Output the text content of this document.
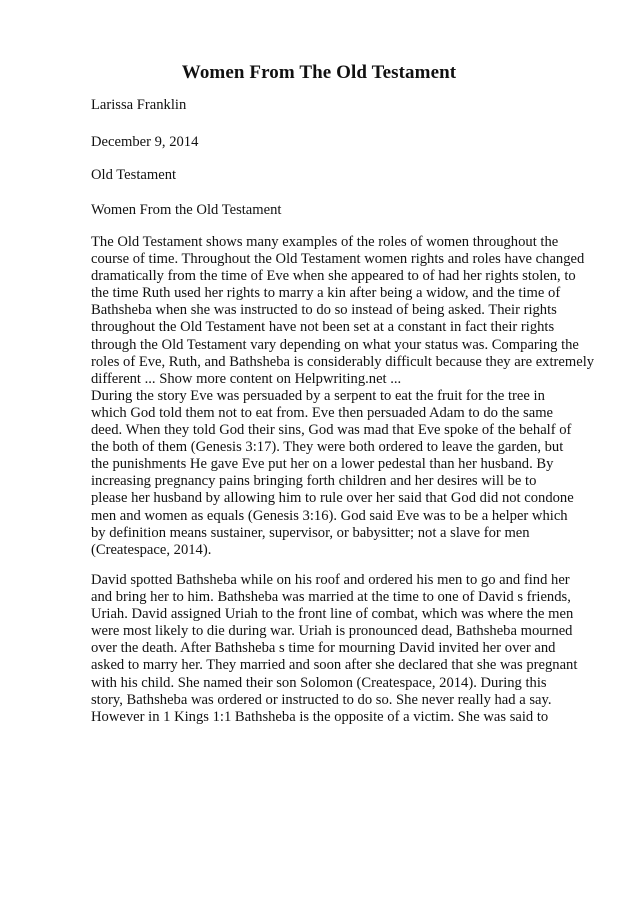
Women From The Old Testament
Larissa Franklin
December 9, 2014
Old Testament
Women From the Old Testament
The Old Testament shows many examples of the roles of women throughout the
course of time. Throughout the Old Testament women rights and roles have changed
dramatically from the time of Eve when she appeared to of had her rights stolen, to
the time Ruth used her rights to marry a kin after being a widow, and the time of
Bathsheba when she was instructed to do so instead of being asked. Their rights
throughout the Old Testament have not been set at a constant in fact their rights
through the Old Testament vary depending on what your status was. Comparing the
roles of Eve, Ruth, and Bathsheba is considerably difficult because they are extremely
different ... Show more content on Helpwriting.net ...
During the story Eve was persuaded by a serpent to eat the fruit for the tree in
which God told them not to eat from. Eve then persuaded Adam to do the same
deed. When they told God their sins, God was mad that Eve spoke of the behalf of
the both of them (Genesis 3:17). They were both ordered to leave the garden, but
the punishments He gave Eve put her on a lower pedestal than her husband. By
increasing pregnancy pains bringing forth children and her desires will be to
please her husband by allowing him to rule over her said that God did not condone
men and women as equals (Genesis 3:16). God said Eve was to be a helper which
by definition means sustainer, supervisor, or babysitter; not a slave for men
(Createspace, 2014).
David spotted Bathsheba while on his roof and ordered his men to go and find her
and bring her to him. Bathsheba was married at the time to one of David s friends,
Uriah. David assigned Uriah to the front line of combat, which was where the men
were most likely to die during war. Uriah is pronounced dead, Bathsheba mourned
over the death. After Bathsheba s time for mourning David invited her over and
asked to marry her. They married and soon after she declared that she was pregnant
with his child. She named their son Solomon (Createspace, 2014). During this
story, Bathsheba was ordered or instructed to do so. She never really had a say.
However in 1 Kings 1:1 Bathsheba is the opposite of a victim. She was said to
